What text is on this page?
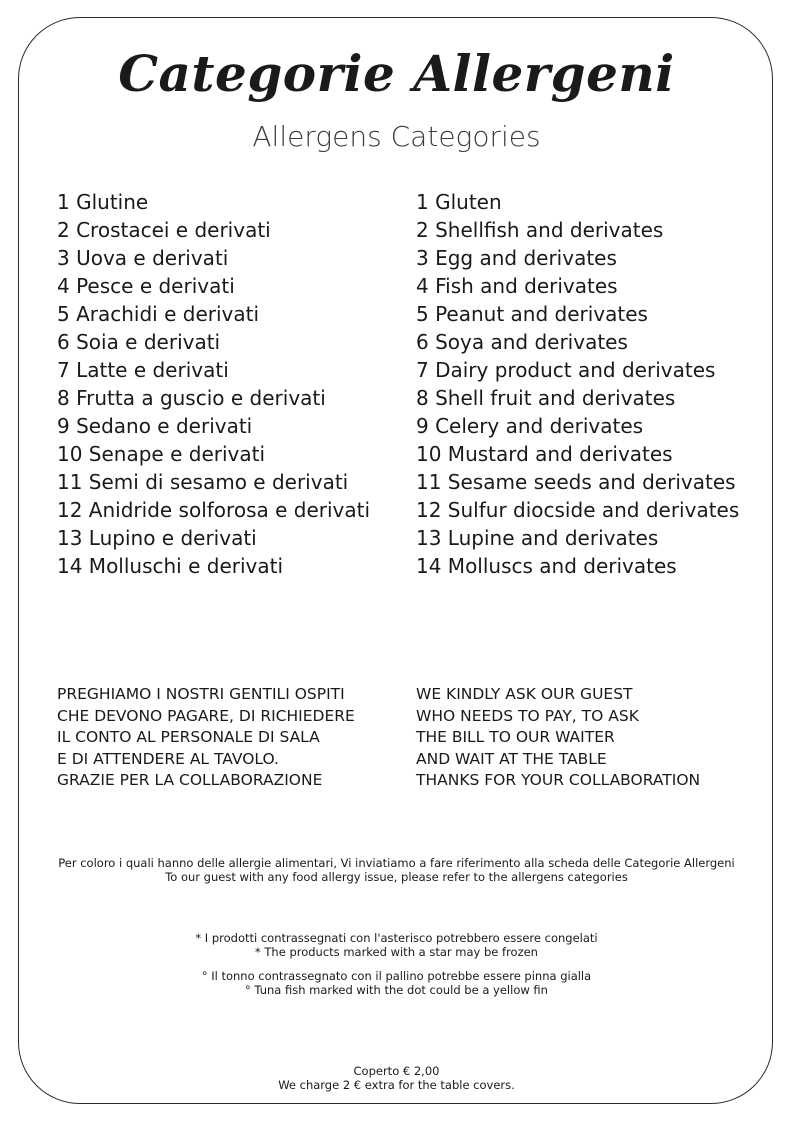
Categorie Allergeni
Allergens Categories
1 Glutine
2 Crostacei e derivati
3 Uova e derivati
4 Pesce e derivati
5 Arachidi e derivati
6 Soia e derivati
7 Latte e derivati
8 Frutta a guscio e derivati
9 Sedano e derivati
10 Senape e derivati
11 Semi di sesamo e derivati
12 Anidride solforosa e derivati
13 Lupino e derivati
14 Molluschi e derivati
1 Gluten
2 Shellfish and derivates
3 Egg and derivates
4 Fish and derivates
5 Peanut and derivates
6 Soya and derivates
7 Dairy product and derivates
8 Shell fruit and derivates
9 Celery and derivates
10 Mustard and derivates
11 Sesame seeds and derivates
12 Sulfur diocside and derivates
13 Lupine and derivates
14 Molluscs and derivates
PREGHIAMO I NOSTRI GENTILI OSPITI
CHE DEVONO PAGARE, DI RICHIEDERE
IL CONTO AL PERSONALE DI SALA
E DI ATTENDERE AL TAVOLO.
GRAZIE PER LA COLLABORAZIONE
WE KINDLY ASK OUR GUEST
WHO NEEDS TO PAY, TO ASK
THE BILL TO OUR WAITER
AND WAIT AT THE TABLE
THANKS FOR YOUR COLLABORATION
Per coloro i quali hanno delle allergie alimentari, Vi inviatiamo a fare riferimento alla scheda delle Categorie Allergeni
To our guest with any food allergy issue, please refer to the allergens categories
* I prodotti contrassegnati con l'asterisco potrebbero essere congelati
* The products marked with a star may be frozen
° Il tonno contrassegnato con il pallino potrebbe essere pinna gialla
° Tuna fish marked with the dot could be a yellow fin
Coperto € 2,00
We charge 2 € extra for the table covers.
